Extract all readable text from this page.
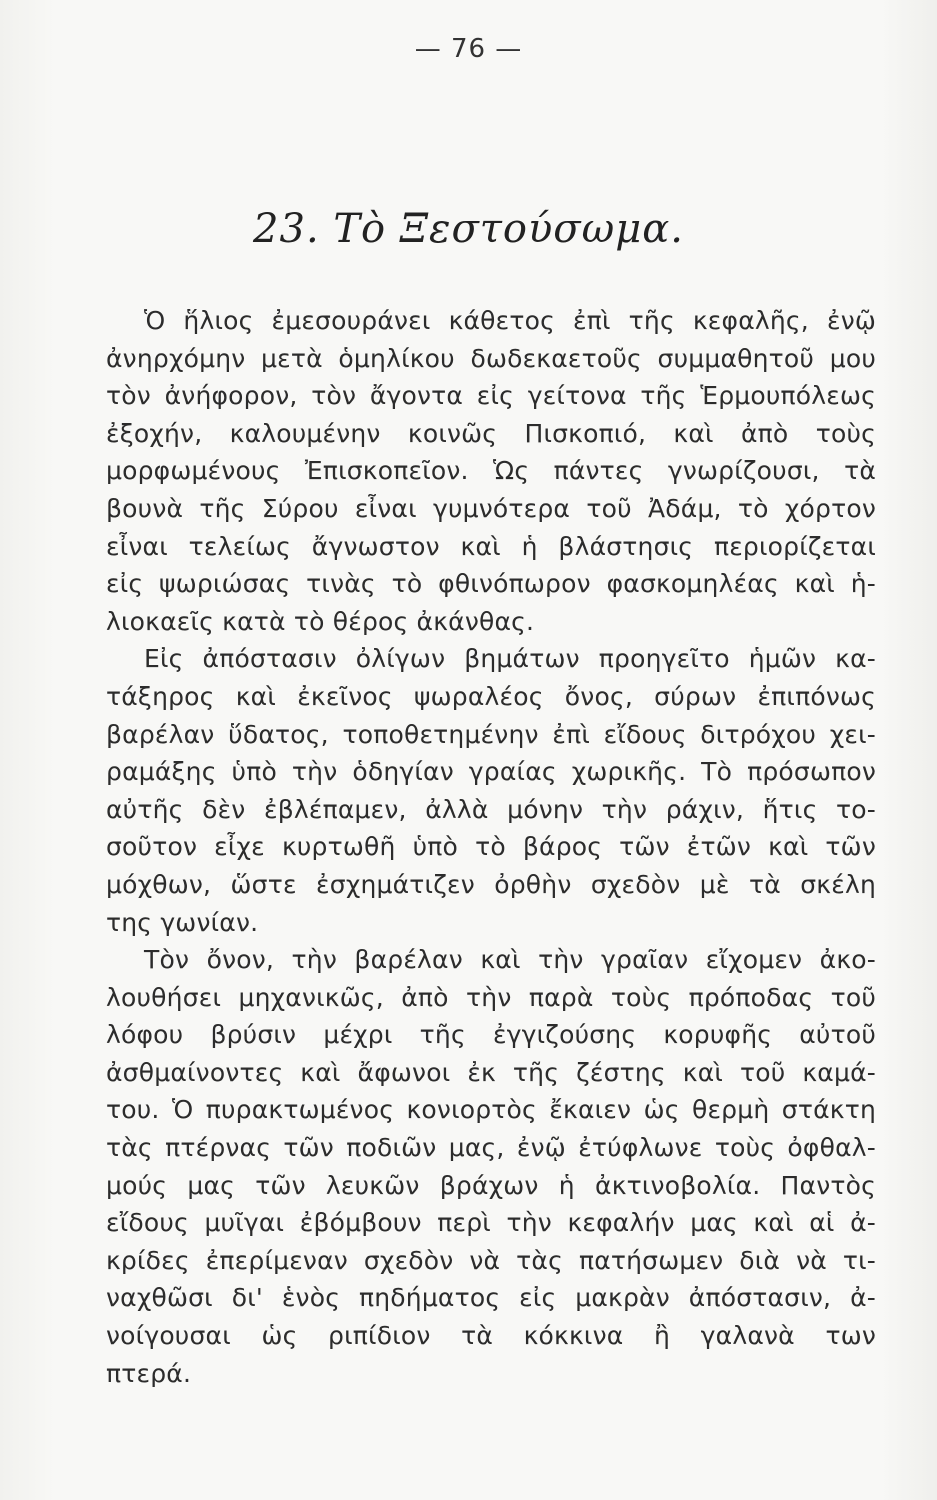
— 76 —
23. Τὸ Ξεστούσωμα.
Ὁ ἥλιος ἐμεσουράνει κάθετος ἐπὶ τῆς κεφαλῆς, ἐνῷ
ἀνηρχόμην μετὰ ὁμηλίκου δωδεκαετοῦς συμμαθητοῦ μου
τὸν ἀνήφορον, τὸν ἄγοντα εἰς γείτονα τῆς Ἑρμουπόλεως
ἐξοχήν, καλουμένην κοινῶς Πισκοπιό, καὶ ἀπὸ τοὺς
μορφωμένους Ἐπισκοπεῖον. Ὡς πάντες γνωρίζουσι, τὰ
βουνὰ τῆς Σύρου εἶναι γυμνότερα τοῦ Ἀδάμ, τὸ χόρτον
εἶναι τελείως ἄγνωστον καὶ ἡ βλάστησις περιορίζεται
εἰς ψωριώσας τινὰς τὸ φθινόπωρον φασκομηλέας καὶ ἡ-
λιοκαεῖς κατὰ τὸ θέρος ἀκάνθας.
Εἰς ἀπόστασιν ὀλίγων βημάτων προηγεῖτο ἡμῶν κα-
τάξηρος καὶ ἐκεῖνος ψωραλέος ὄνος, σύρων ἐπιπόνως
βαρέλαν ὕδατος, τοποθετημένην ἐπὶ εἴδους διτρόχου χει-
ραμάξης ὑπὸ τὴν ὁδηγίαν γραίας χωρικῆς. Τὸ πρόσωπον
αὐτῆς δὲν ἐβλέπαμεν, ἀλλὰ μόνην τὴν ράχιν, ἥτις το-
σοῦτον εἶχε κυρτωθῆ ὑπὸ τὸ βάρος τῶν ἐτῶν καὶ τῶν
μόχθων, ὥστε ἐσχημάτιζεν ὀρθὴν σχεδὸν μὲ τὰ σκέλη
της γωνίαν.
Τὸν ὄνον, τὴν βαρέλαν καὶ τὴν γραῖαν εἴχομεν ἀκο-
λουθήσει μηχανικῶς, ἀπὸ τὴν παρὰ τοὺς πρόποδας τοῦ
λόφου βρύσιν μέχρι τῆς ἐγγιζούσης κορυφῆς αὐτοῦ
ἀσθμαίνοντες καὶ ἄφωνοι ἐκ τῆς ζέστης καὶ τοῦ καμά-
του. Ὁ πυρακτωμένος κονιορτὸς ἔκαιεν ὡς θερμὴ στάκτη
τὰς πτέρνας τῶν ποδιῶν μας, ἐνῷ ἐτύφλωνε τοὺς ὀφθαλ-
μούς μας τῶν λευκῶν βράχων ἡ ἀκτινοβολία. Παντὸς
εἴδους μυῖγαι ἐβόμβουν περὶ τὴν κεφαλήν μας καὶ αἱ ἀ-
κρίδες ἐπερίμεναν σχεδὸν νὰ τὰς πατήσωμεν διὰ νὰ τι-
ναχθῶσι δι' ἑνὸς πηδήματος εἰς μακρὰν ἀπόστασιν, ἀ-
νοίγουσαι ὡς ριπίδιον τὰ κόκκινα ἢ γαλανὰ των
πτερά.
